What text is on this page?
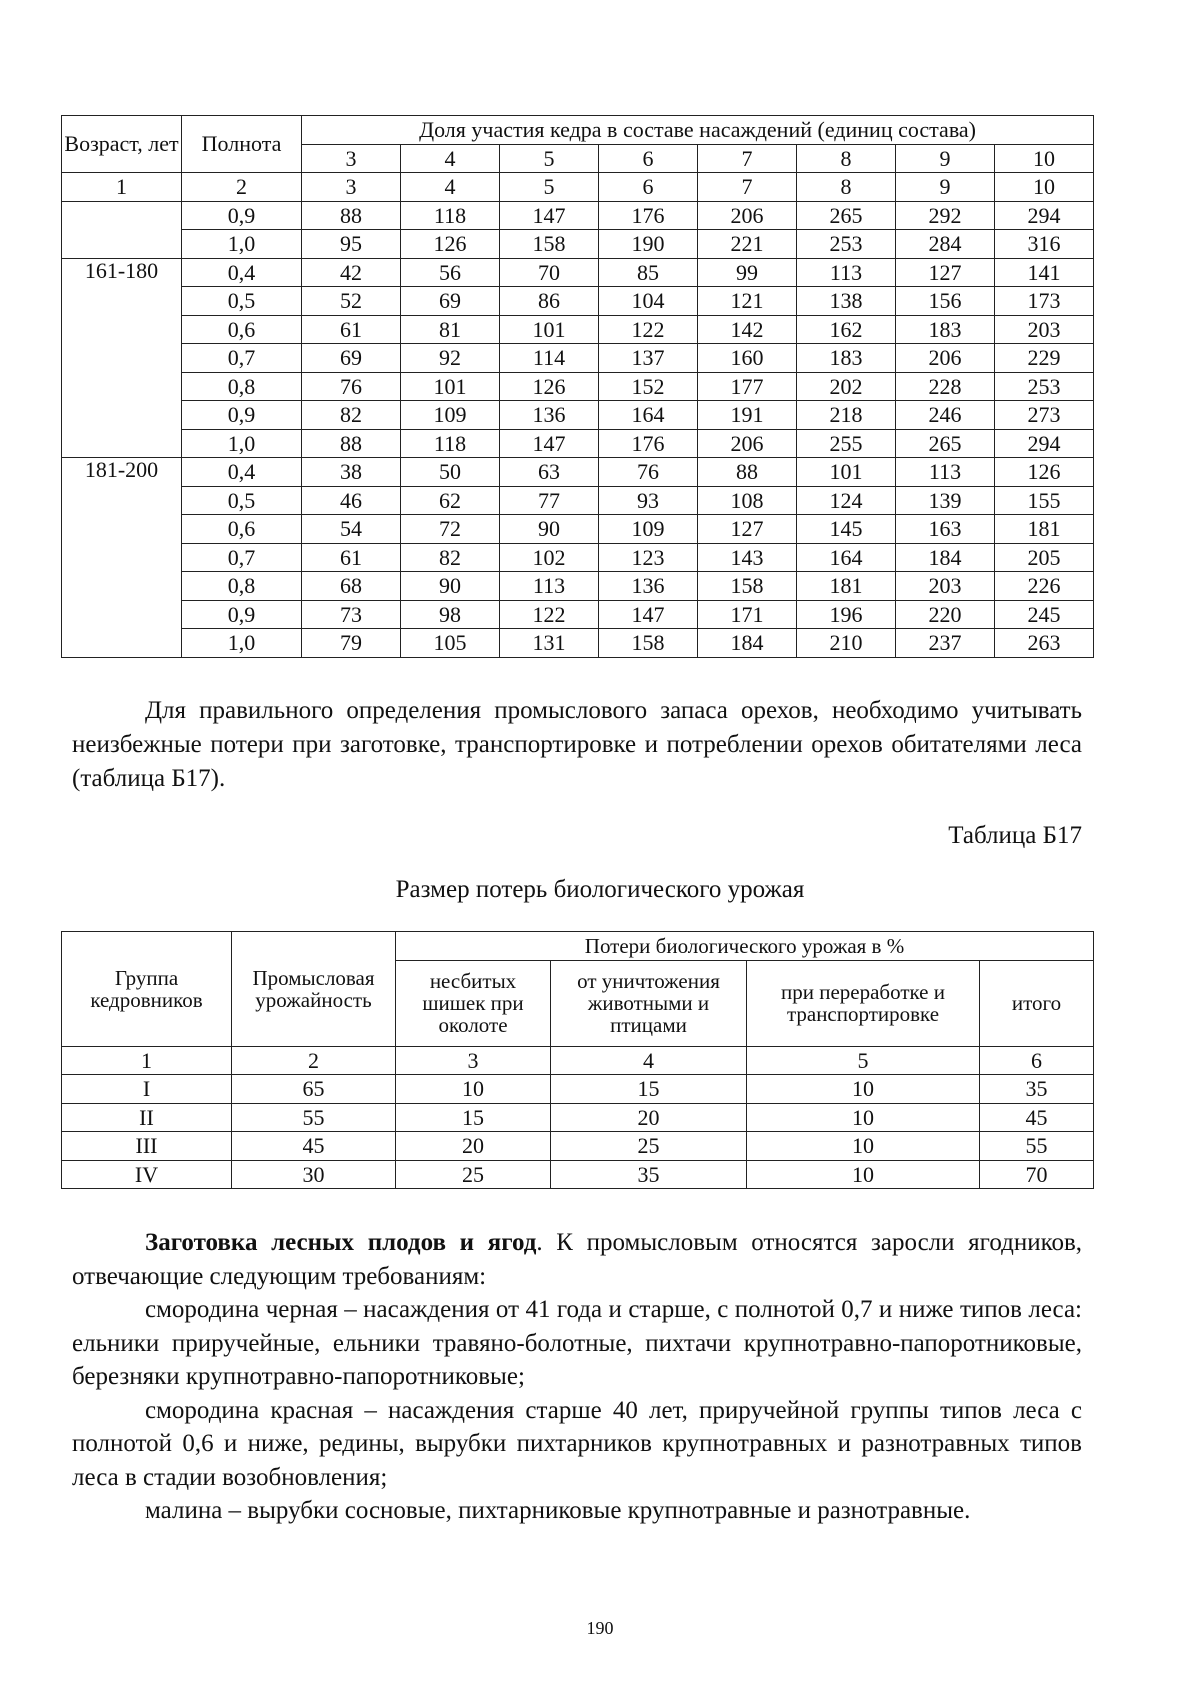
Возраст, лет	Полнота	Доля участия кедра в составе насаждений (единиц состава)							
		3	4	5	6	7	8	9	10
1	2	3	4	5	6	7	8	9	10
	0,9	88	118	147	176	206	265	292	294
	1,0	95	126	158	190	221	253	284	316
161-180	0,4	42	56	70	85	99	113	127	141
	0,5	52	69	86	104	121	138	156	173
	0,6	61	81	101	122	142	162	183	203
	0,7	69	92	114	137	160	183	206	229
	0,8	76	101	126	152	177	202	228	253
	0,9	82	109	136	164	191	218	246	273
	1,0	88	118	147	176	206	255	265	294
181-200	0,4	38	50	63	76	88	101	113	126
	0,5	46	62	77	93	108	124	139	155
	0,6	54	72	90	109	127	145	163	181
	0,7	61	82	102	123	143	164	184	205
	0,8	68	90	113	136	158	181	203	226
	0,9	73	98	122	147	171	196	220	245
	1,0	79	105	131	158	184	210	237	263

Для правильного определения промыслового запаса орехов, необходимо учитывать неизбежные потери при заготовке, транспортировке и потреблении орехов обитателями леса (таблица Б17).

Таблица Б17
Размер потерь биологического урожая
Группа кедровников	Промысловая урожайность	Потери биологического урожая в %			
		несбитых шишек при околоте	от уничтожения животными и птицами	при переработке и транспортировке	итого
1	2	3	4	5	6
I	65	10	15	10	35
II	55	15	20	10	45
III	45	20	25	10	55
IV	30	25	35	10	70

Заготовка лесных плодов и ягод. К промысловым относятся заросли ягодников, отвечающие следующим требованиям:

смородина черная – насаждения от 41 года и старше, с полнотой 0,7 и ниже типов леса: ельники приручейные, ельники травяно-болотные, пихтачи крупнотравно-папоротниковые, березняки крупнотравно-папоротниковые;

смородина красная – насаждения старше 40 лет, приручейной группы типов леса с полнотой 0,6 и ниже, редины, вырубки пихтарников крупнотравных и разнотравных типов леса в стадии возобновления;

малина – вырубки сосновые, пихтарниковые крупнотравные и разнотравные.

190
